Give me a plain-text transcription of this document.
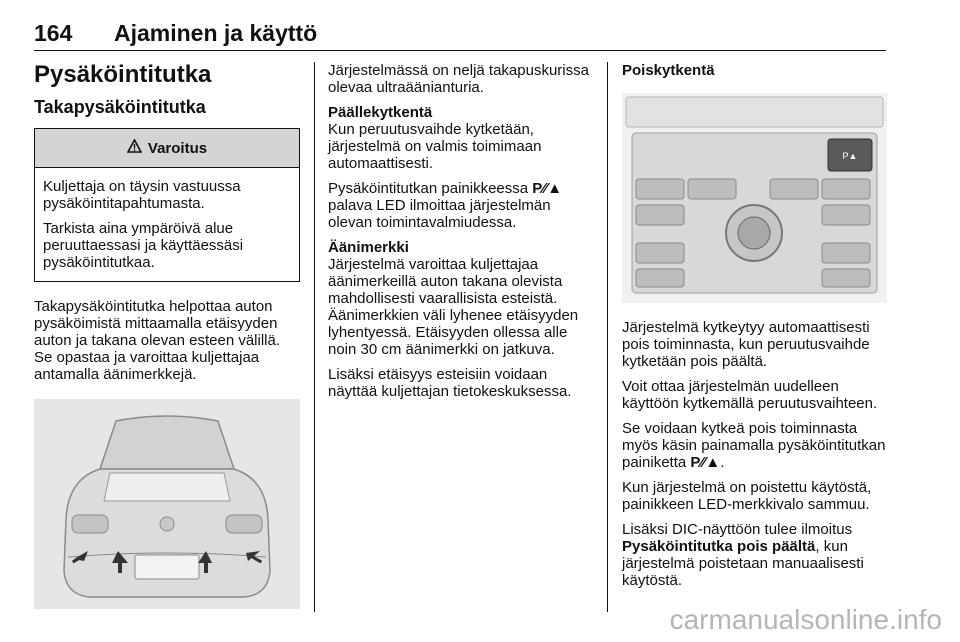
164 Ajaminen ja käyttö
Pysäköintitutka
Takapysäköintitutka
Varoitus

Kuljettaja on täysin vastuussa pysäköintitapahtumasta.

Tarkista aina ympäröivä alue peruuttaessasi ja käyttäessäsi pysäköintitutkaa.

Takapysäköintitutka helpottaa auton pysäköimistä mittaamalla etäisyyden auton ja takana olevan esteen välillä. Se opastaa ja varoittaa kuljettajaa antamalla äänimerkkejä.

Järjestelmässä on neljä takapuskurissa olevaa ultraäänianturia.

Päällekytkentä

Kun peruutusvaihde kytketään, järjestelmä on valmis toimimaan automaattisesti.

Pysäköintitutkan painikkeessa P⁄⁄▲ palava LED ilmoittaa järjestelmän olevan toimintavalmiudessa.

Äänimerkki

Järjestelmä varoittaa kuljettajaa äänimerkeillä auton takana olevista mahdollisesti vaarallisista esteistä. Äänimerkkien väli lyhenee etäisyyden lyhentyessä. Etäisyyden ollessa alle noin 30 cm äänimerkki on jatkuva.

Lisäksi etäisyys esteisiin voidaan näyttää kuljettajan tietokeskuksessa.

Poiskytkentä

P▲

Järjestelmä kytkeytyy automaattisesti pois toiminnasta, kun peruutusvaihde kytketään pois päältä.

Voit ottaa järjestelmän uudelleen käyttöön kytkemällä peruutusvaihteen.

Se voidaan kytkeä pois toiminnasta myös käsin painamalla pysäköintitutkan painiketta P⁄⁄▲.

Kun järjestelmä on poistettu käytöstä, painikkeen LED-merkkivalo sammuu.

Lisäksi DIC-näyttöön tulee ilmoitus Pysäköintitutka pois päältä, kun järjestelmä poistetaan manuaalisesti käytöstä.

carmanualsonline.info
